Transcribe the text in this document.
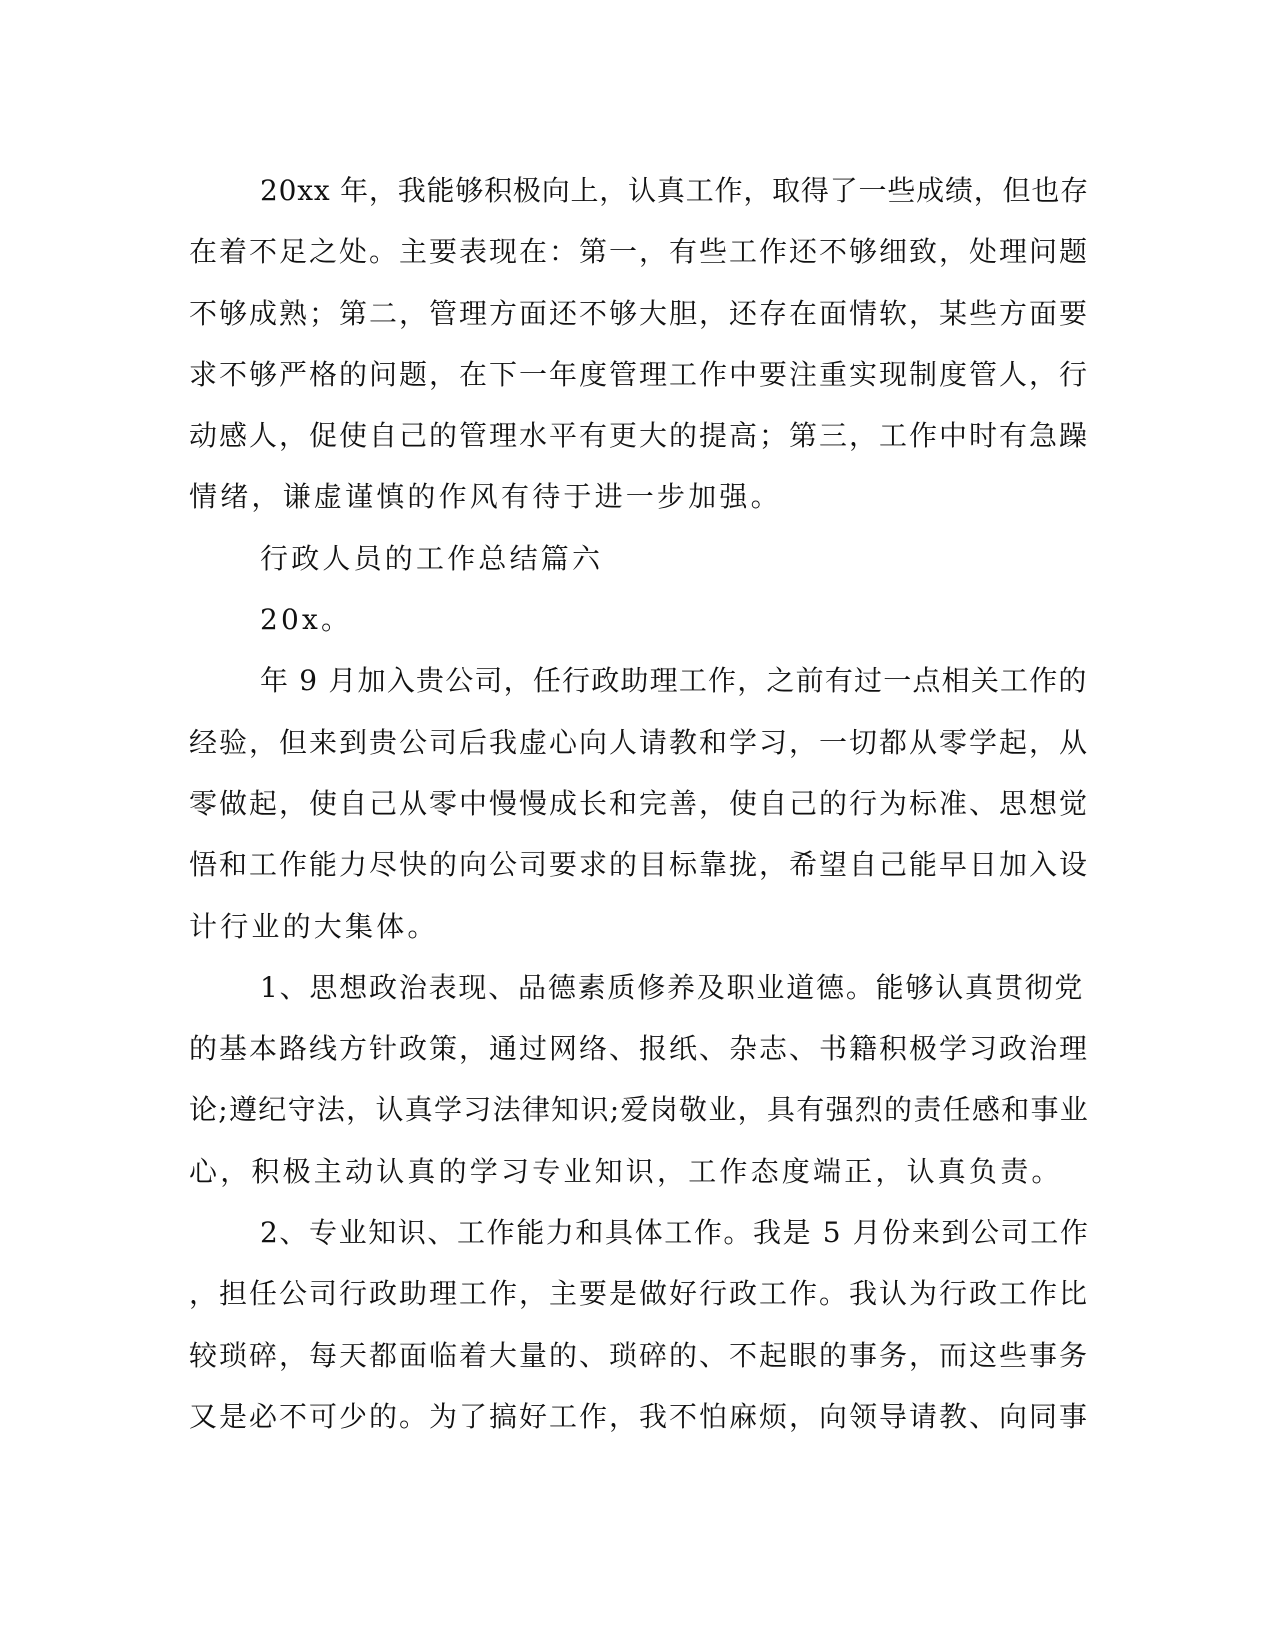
20xx 年，我能够积极向上，认真工作，取得了一些成绩，但也存
在着不足之处。主要表现在：第一，有些工作还不够细致，处理问题
不够成熟；第二，管理方面还不够大胆，还存在面情软，某些方面要
求不够严格的问题，在下一年度管理工作中要注重实现制度管人，行
动感人，促使自己的管理水平有更大的提高；第三，工作中时有急躁
情绪，谦虚谨慎的作风有待于进一步加强。
行政人员的工作总结篇六
20x。
年 9 月加入贵公司，任行政助理工作，之前有过一点相关工作的
经验，但来到贵公司后我虚心向人请教和学习，一切都从零学起，从
零做起，使自己从零中慢慢成长和完善，使自己的行为标准、思想觉
悟和工作能力尽快的向公司要求的目标靠拢，希望自己能早日加入设
计行业的大集体。
1、思想政治表现、品德素质修养及职业道德。能够认真贯彻党
的基本路线方针政策，通过网络、报纸、杂志、书籍积极学习政治理
论;遵纪守法，认真学习法律知识;爱岗敬业，具有强烈的责任感和事业
心，积极主动认真的学习专业知识，工作态度端正，认真负责。
2、专业知识、工作能力和具体工作。我是 5 月份来到公司工作
，担任公司行政助理工作，主要是做好行政工作。我认为行政工作比
较琐碎，每天都面临着大量的、琐碎的、不起眼的事务，而这些事务
又是必不可少的。为了搞好工作，我不怕麻烦，向领导请教、向同事
